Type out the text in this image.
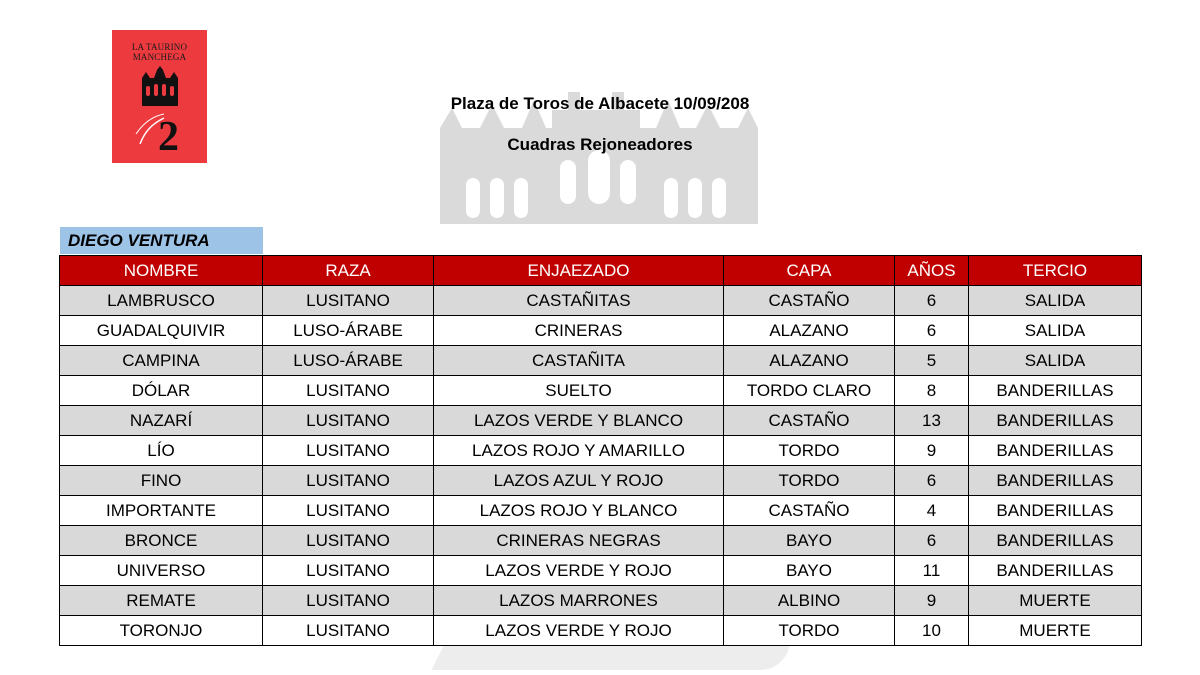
LA TAURINO
MANCHEGA
2
Plaza de Toros de Albacete 10/09/208
Cuadras Rejoneadores
DIEGO VENTURA
NOMBRE	RAZA	ENJAEZADO	CAPA	AÑOS	TERCIO
LAMBRUSCO	LUSITANO	CASTAÑITAS	CASTAÑO	6	SALIDA
GUADALQUIVIR	LUSO-ÁRABE	CRINERAS	ALAZANO	6	SALIDA
CAMPINA	LUSO-ÁRABE	CASTAÑITA	ALAZANO	5	SALIDA
DÓLAR	LUSITANO	SUELTO	TORDO CLARO	8	BANDERILLAS
NAZARÍ	LUSITANO	LAZOS VERDE Y BLANCO	CASTAÑO	13	BANDERILLAS
LÍO	LUSITANO	LAZOS ROJO Y AMARILLO	TORDO	9	BANDERILLAS
FINO	LUSITANO	LAZOS AZUL Y ROJO	TORDO	6	BANDERILLAS
IMPORTANTE	LUSITANO	LAZOS ROJO Y BLANCO	CASTAÑO	4	BANDERILLAS
BRONCE	LUSITANO	CRINERAS NEGRAS	BAYO	6	BANDERILLAS
UNIVERSO	LUSITANO	LAZOS VERDE Y ROJO	BAYO	11	BANDERILLAS
REMATE	LUSITANO	LAZOS MARRONES	ALBINO	9	MUERTE
TORONJO	LUSITANO	LAZOS VERDE Y ROJO	TORDO	10	MUERTE
